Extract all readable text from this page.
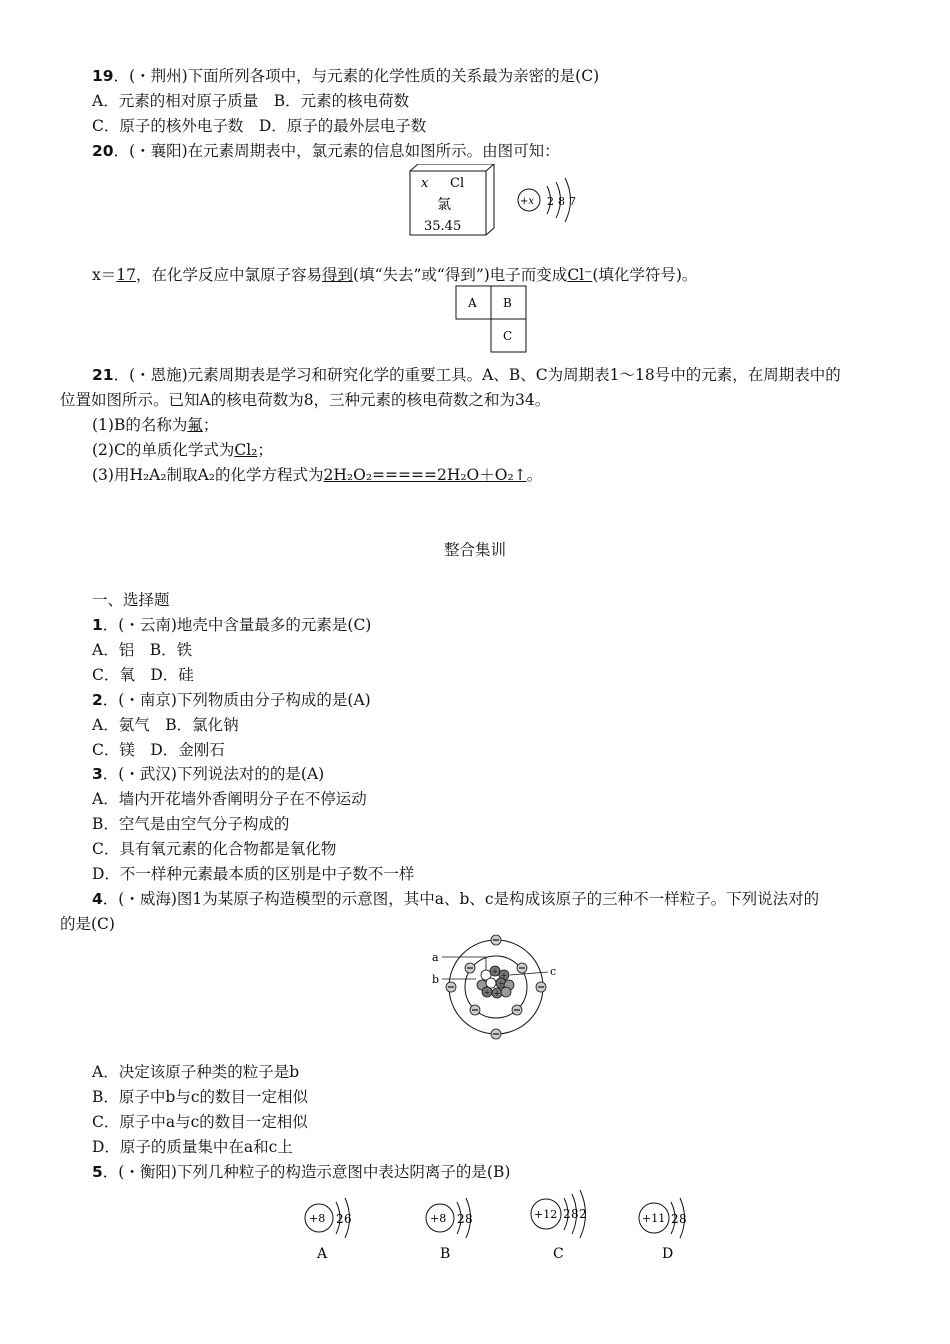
19．(・荆州)下面所列各项中，与元素的化学性质的关系最为亲密的是(C)
A．元素的相对原子质量　B．元素的核电荷数
C．原子的核外电子数　D．原子的最外层电子数
20．(・襄阳)在元素周期表中，氯元素的信息如图所示。由图可知：
x Cl
氯
35.45
+x 2 8 7
x＝17，在化学反应中氯原子容易得到(填“失去”或“得到”)电子而变成Cl⁻(填化学符号)。
A B
C
21．(・恩施)元素周期表是学习和研究化学的重要工具。A、B、C为周期表1～18号中的元素，在周期表中的
位置如图所示。已知A的核电荷数为8，三种元素的核电荷数之和为34。
(1)B的名称为氟；
(2)C的单质化学式为Cl₂；
(3)用H₂A₂制取A₂的化学方程式为2H₂O₂=====2H₂O＋O₂↑。
整合集训
一、选择题
1．(・云南)地壳中含量最多的元素是(C)
A．铝　B．铁
C．氧　D．硅
2．(・南京)下列物质由分子构成的是(A)
A．氨气　B．氯化钠
C．镁　D．金刚石
3．(・武汉)下列说法对的的是(A)
A．墙内开花墙外香阐明分子在不停运动
B．空气是由空气分子构成的
C．具有氧元素的化合物都是氧化物
D．不一样种元素最本质的区别是中子数不一样
4．(・威海)图1为某原子构造模型的示意图，其中a、b、c是构成该原子的三种不一样粒子。下列说法对的
的是(C)
+ +
+
+ +
a
b
c
A．决定该原子种类的粒子是b
B．原子中b与c的数目一定相似
C．原子中a与c的数目一定相似
D．原子的质量集中在a和c上
5．(・衡阳)下列几种粒子的构造示意图中表达阴离子的是(B)
+8 2 6
A
+8 2 8
B
+12 2 8 2
C
+11 2 8
D
